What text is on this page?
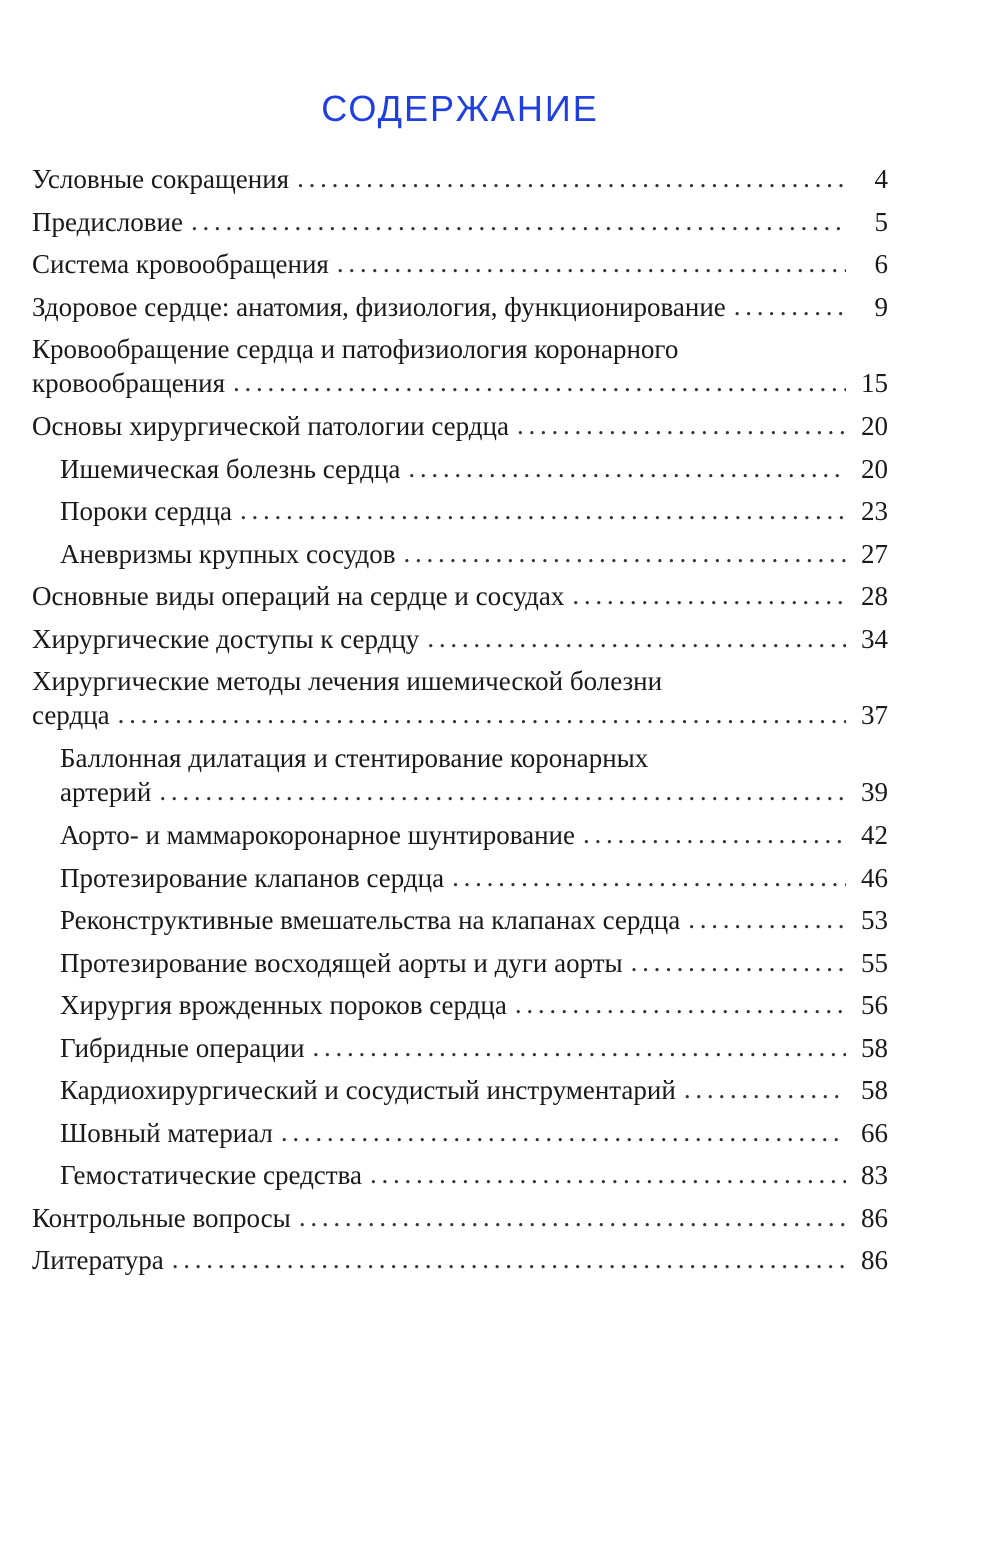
СОДЕРЖАНИЕ
Условные сокращения . . .	4
Предисловие . . .	5
Система кровообращения . . .	6
Здоровое сердце: анатомия, физиология, функционирование . . .	9
Кровообращение сердца и патофизиология коронарного
кровообращения . . .	15
Основы хирургической патологии сердца . . .	20
Ишемическая болезнь сердца . . .	20
Пороки сердца . . .	23
Аневризмы крупных сосудов . . .	27
Основные виды операций на сердце и сосудах . . .	28
Хирургические доступы к сердцу . . .	34
Хирургические методы лечения ишемической болезни
сердца . . .	37
Баллонная дилатация и стентирование коронарных
артерий . . .	39
Аорто- и маммарокоронарное шунтирование . . .	42
Протезирование клапанов сердца . . .	46
Реконструктивные вмешательства на клапанах сердца . . .	53
Протезирование восходящей аорты и дуги аорты . . .	55
Хирургия врожденных пороков сердца . . .	56
Гибридные операции . . .	58
Кардиохирургический и сосудистый инструментарий . . .	58
Шовный материал . . .	66
Гемостатические средства . . .	83
Контрольные вопросы . . .	86
Литература . . .	86
